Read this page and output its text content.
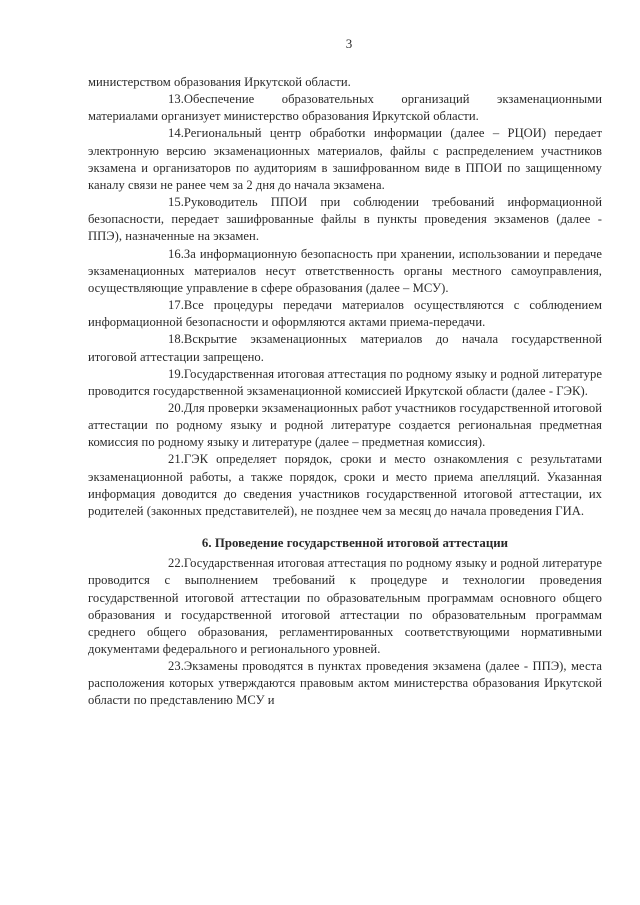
3

министерством образования Иркутской области.

13.Обеспечение образовательных организаций экзаменационными материалами организует министерство образования Иркутской области.

14.Региональный центр обработки информации (далее – РЦОИ) передает электронную версию экзаменационных материалов, файлы с распределением участников экзамена и организаторов по аудиториям в зашифрованном виде в ППОИ по защищенному каналу связи не ранее чем за 2 дня до начала экзамена.

15.Руководитель ППОИ при соблюдении требований информационной безопасности, передает зашифрованные файлы в пункты проведения экзаменов (далее - ППЭ), назначенные на экзамен.

16.За информационную безопасность при хранении, использовании и передаче экзаменационных материалов несут ответственность органы местного самоуправления, осуществляющие управление в сфере образования (далее – МСУ).

17.Все процедуры передачи материалов осуществляются с соблюдением информационной безопасности и оформляются актами приема-передачи.

18.Вскрытие экзаменационных материалов до начала государственной итоговой аттестации запрещено.

19.Государственная итоговая аттестация по родному языку и родной литературе проводится государственной экзаменационной комиссией Иркутской области (далее - ГЭК).

20.Для проверки экзаменационных работ участников государственной итоговой аттестации по родному языку и родной литературе создается региональная предметная комиссия по родному языку и литературе (далее – предметная комиссия).

21.ГЭК определяет порядок, сроки и место ознакомления с результатами экзаменационной работы, а также порядок, сроки и место приема апелляций. Указанная информация доводится до сведения участников государственной итоговой аттестации, их родителей (законных представителей), не позднее чем за месяц до начала проведения ГИА.

6. Проведение государственной итоговой аттестации

22.Государственная итоговая аттестация по родному языку и родной литературе проводится с выполнением требований к процедуре и технологии проведения государственной итоговой аттестации по образовательным программам основного общего образования и государственной итоговой аттестации по образовательным программам среднего общего образования, регламентированных соответствующими нормативными документами федерального и регионального уровней.

23.Экзамены проводятся в пунктах проведения экзамена (далее - ППЭ), места расположения которых утверждаются правовым актом министерства образования Иркутской области по представлению МСУ и
